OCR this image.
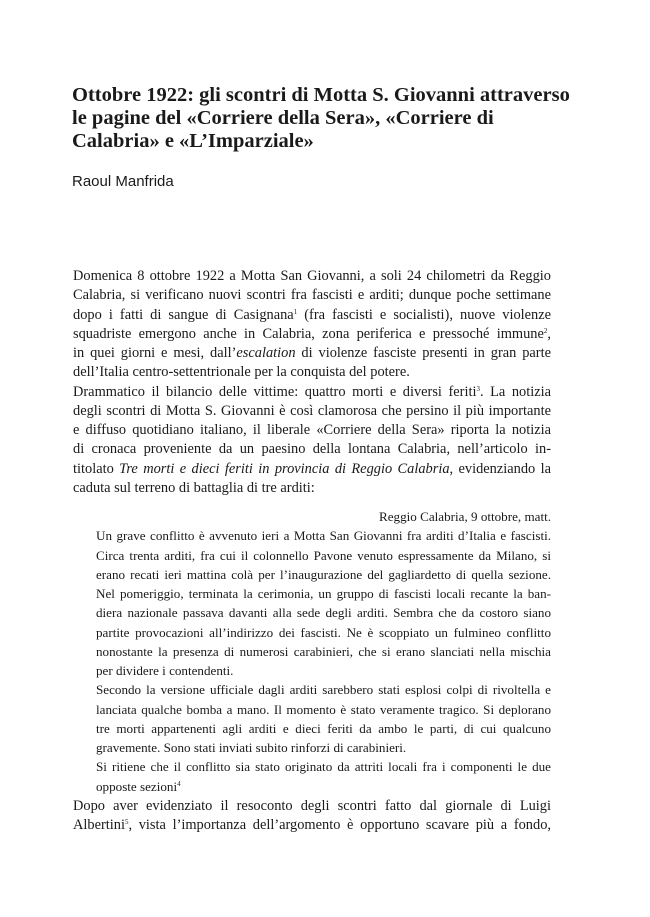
Ottobre 1922: gli scontri di Motta S. Giovanni attraverso
le pagine del «Corriere della Sera», «Corriere di
Calabria» e «L’Imparziale»

Raoul Manfrida

Domenica 8 ottobre 1922 a Motta San Giovanni, a soli 24 chilometri da Reggio
Calabria, si verificano nuovi scontri fra fascisti e arditi; dunque poche settimane
dopo i fatti di sangue di Casignana$^1$ (fra fascisti e socialisti), nuove violenze
squadriste emergono anche in Calabria, zona periferica e pressoché immune$^2$,
in quei giorni e mesi, dall’escalation di violenze fasciste presenti in gran parte
dell’Italia centro-settentrionale per la conquista del potere.
Drammatico il bilancio delle vittime: quattro morti e diversi feriti$^3$. La notizia
degli scontri di Motta S. Giovanni è così clamorosa che persino il più importante
e diffuso quotidiano italiano, il liberale «Corriere della Sera» riporta la notizia
di cronaca proveniente da un paesino della lontana Calabria, nell’articolo in-
titolato Tre morti e dieci feriti in provincia di Reggio Calabria, evidenziando la
caduta sul terreno di battaglia di tre arditi:
Reggio Calabria, 9 ottobre, matt.
Un grave conflitto è avvenuto ieri a Motta San Giovanni fra arditi d’Italia e fascisti.
Circa trenta arditi, fra cui il colonnello Pavone venuto espressamente da Milano, si
erano recati ieri mattina colà per l’inaugurazione del gagliardetto di quella sezione.
Nel pomeriggio, terminata la cerimonia, un gruppo di fascisti locali recante la ban-
diera nazionale passava davanti alla sede degli arditi. Sembra che da costoro siano
partite provocazioni all’indirizzo dei fascisti. Ne è scoppiato un fulmineo conflitto
nonostante la presenza di numerosi carabinieri, che si erano slanciati nella mischia
per dividere i contendenti.
Secondo la versione ufficiale dagli arditi sarebbero stati esplosi colpi di rivoltella e
lanciata qualche bomba a mano. Il momento è stato veramente tragico. Si deplorano
tre morti appartenenti agli arditi e dieci feriti da ambo le parti, di cui qualcuno
gravemente. Sono stati inviati subito rinforzi di carabinieri.
Si ritiene che il conflitto sia stato originato da attriti locali fra i componenti le due
opposte sezioni$^4$
Dopo aver evidenziato il resoconto degli scontri fatto dal giornale di Luigi
Albertini$^5$, vista l’importanza dell’argomento è opportuno scavare più a fondo,
